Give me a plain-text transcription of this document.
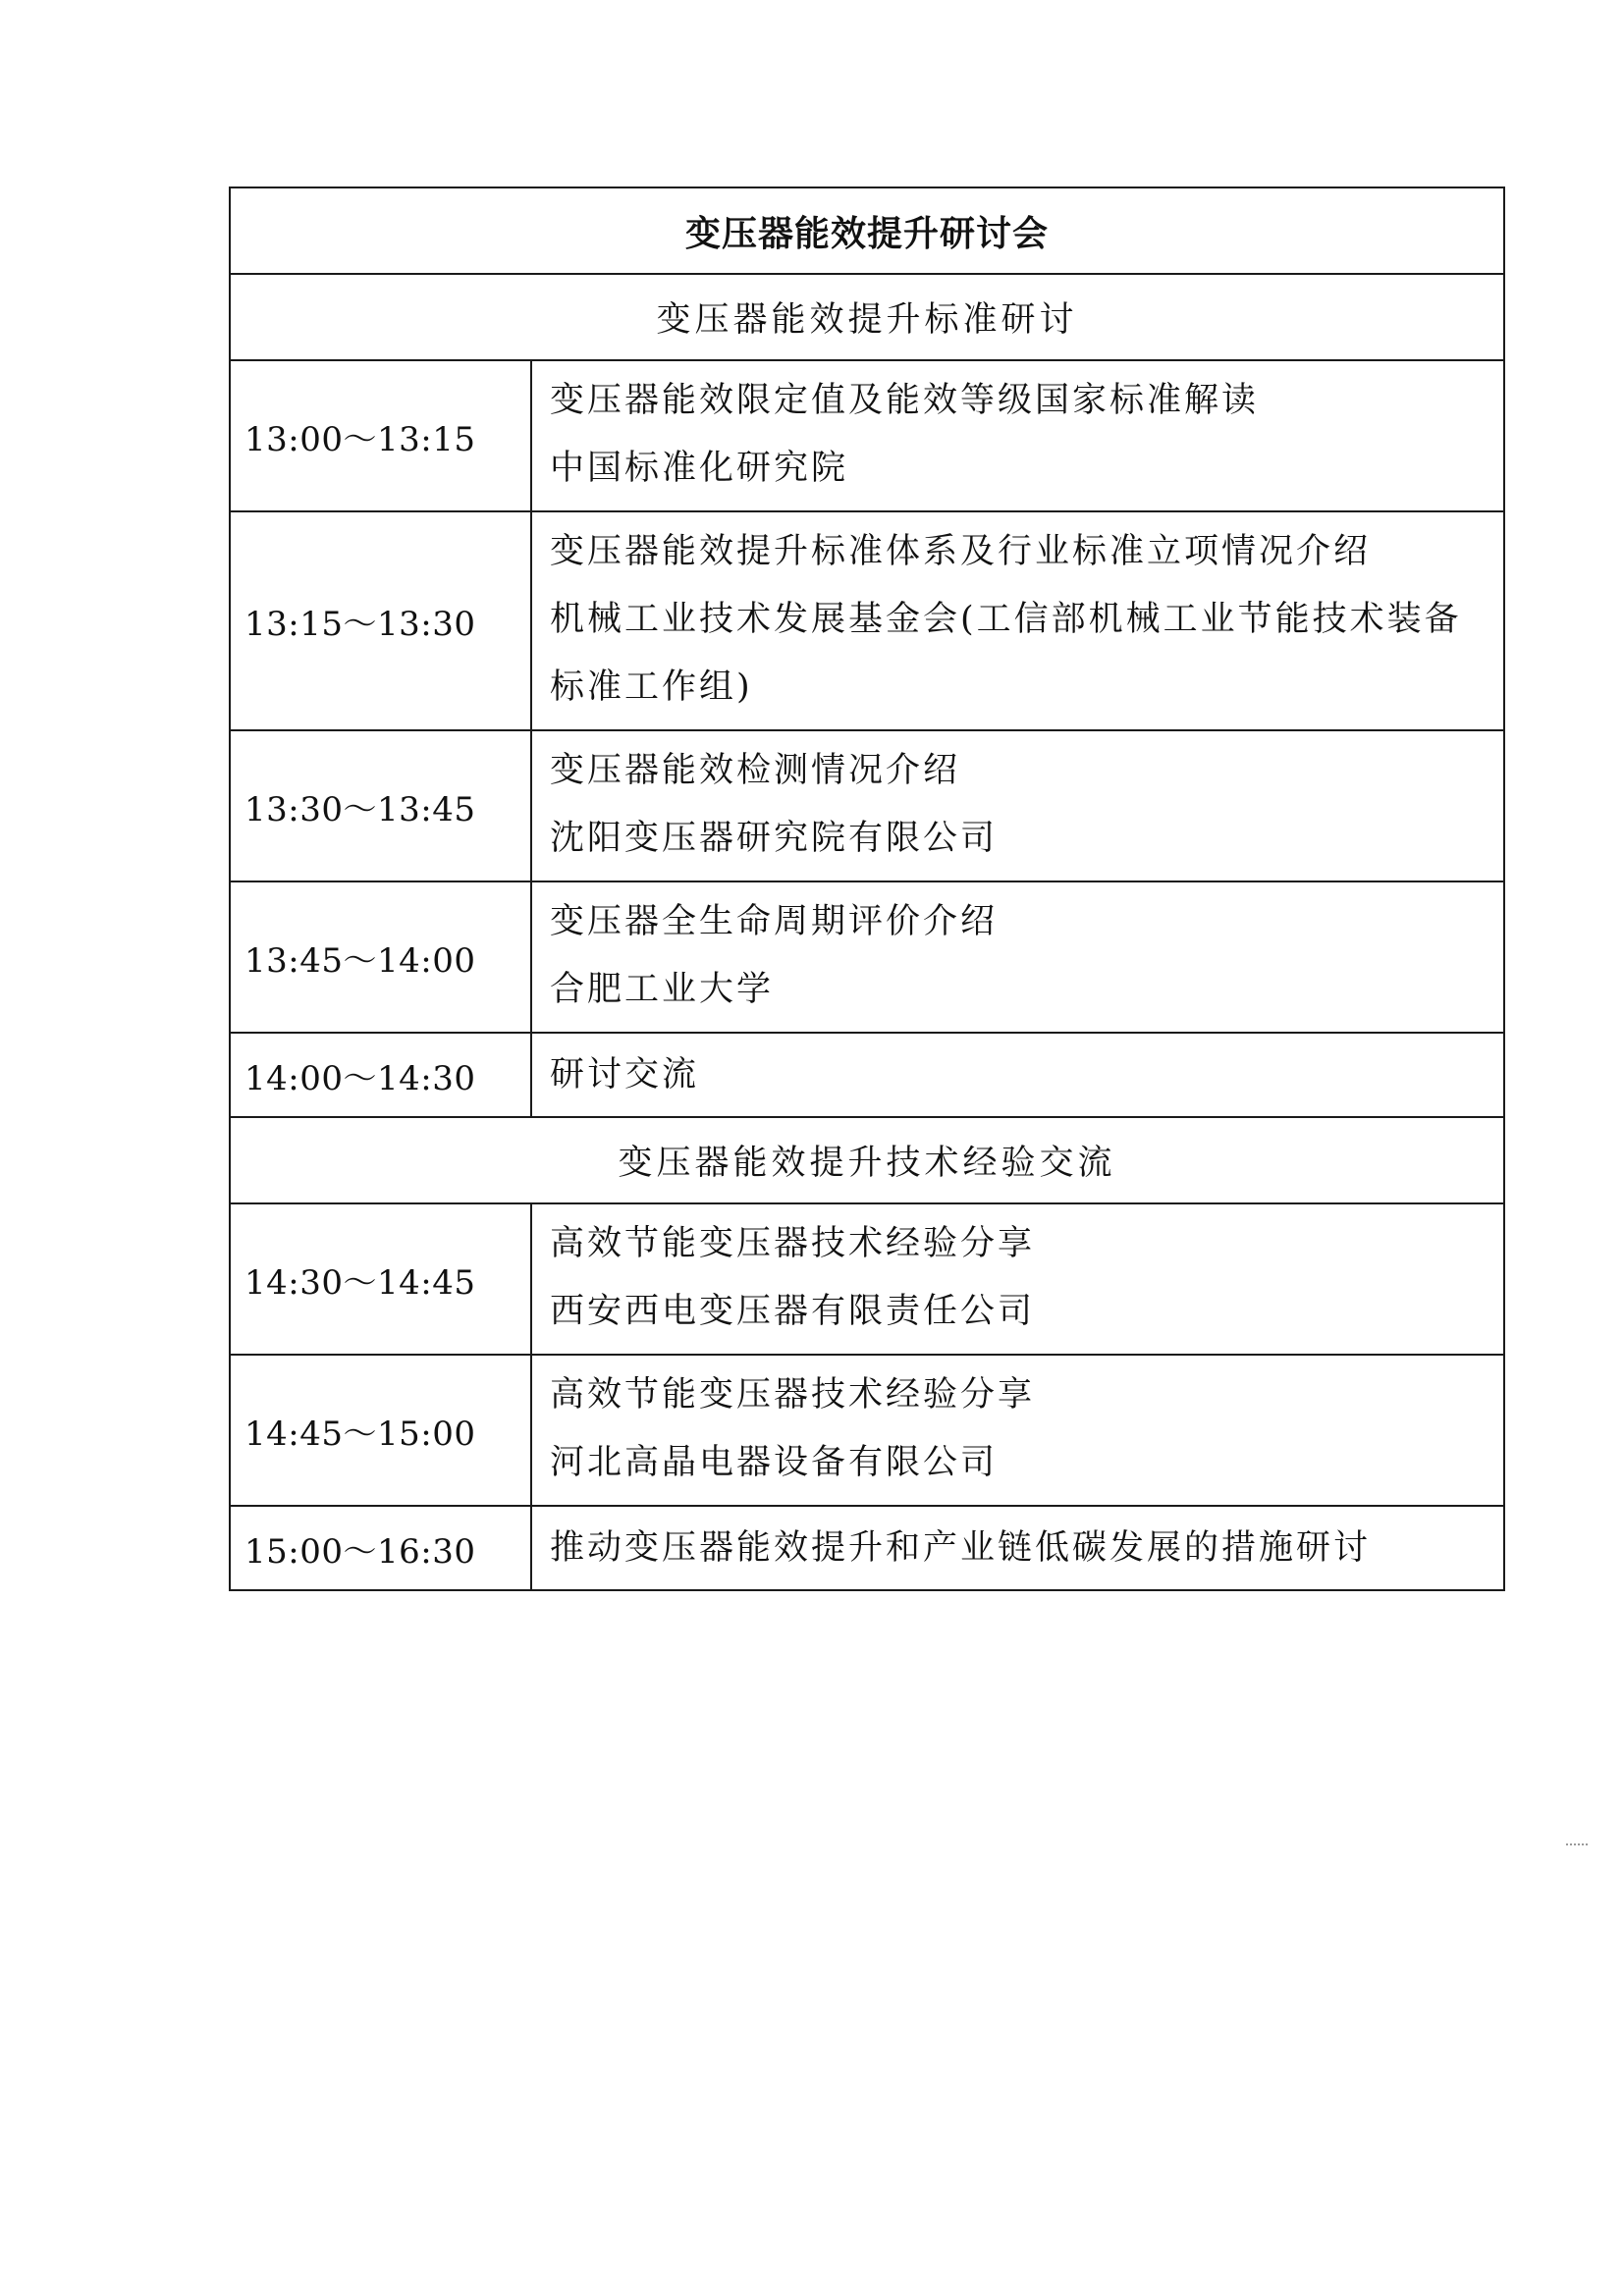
变压器能效提升研讨会	
变压器能效提升标准研讨	
13:00～13:15	变压器能效限定值及能效等级国家标准解读
中国标准化研究院

13:15～13:30	变压器能效提升标准体系及行业标准立项情况介绍
机械工业技术发展基金会(工信部机械工业节能技术装备标准工作组)

13:30～13:45	变压器能效检测情况介绍
沈阳变压器研究院有限公司

13:45～14:00	变压器全生命周期评价介绍
合肥工业大学

14:00～14:30	研讨交流

变压器能效提升技术经验交流	
14:30～14:45	高效节能变压器技术经验分享
西安西电变压器有限责任公司

14:45～15:00	高效节能变压器技术经验分享
河北高晶电器设备有限公司

15:00～16:30	推动变压器能效提升和产业链低碳发展的措施研讨
